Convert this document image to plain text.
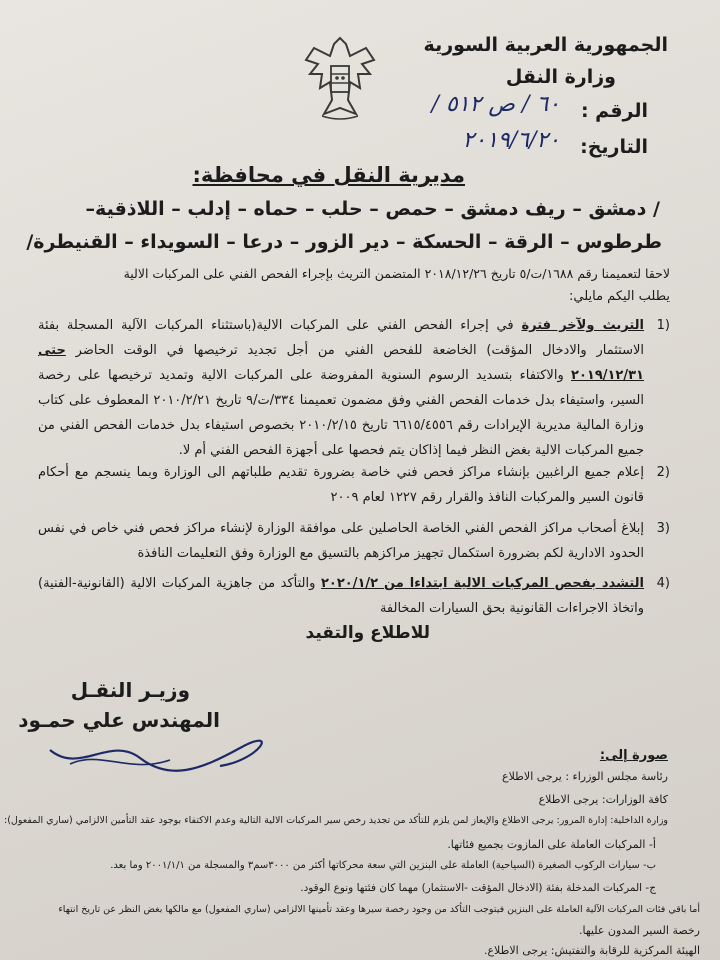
الجمهورية العربية السورية
وزارة النقل
الرقم :
٦٠ / ص ٥١٢ /
التاريخ:
٢٠١٩/٦/٢٠
مديرية النقل في محافظة:
/ دمشق – ريف دمشق – حمص – حلب – حماه – إدلب – اللاذقية–
طرطوس – الرقة – الحسكة – دير الزور – درعا – السويداء – القنيطرة/
لاحقا لتعميمنا رقم ١٦٨٨/ت/٥ تاريخ ٢٠١٨/١٢/٢٦ المتضمن التريث بإجراء الفحص الفني على المركبات الالية
يطلب اليكم مايلي:
(1
التريث ولآخر فترة في إجراء الفحص الفني على المركبات الالية(باستثناء المركبات الآلية المسجلة بفئة الاستثمار والادخال المؤقت) الخاضعة للفحص الفني من أجل تجديد ترخيصها في الوقت الحاضر حتى ٢٠١٩/١٢/٣١ والاكتفاء بتسديد الرسوم السنوية المفروضة على المركبات الالية وتمديد ترخيصها على رخصة السير، واستيفاء بدل خدمات الفحص الفني وفق مضمون تعميمنا ٣٣٤/ت/٩ تاريخ ٢٠١٠/٢/٢١ المعطوف على كتاب وزارة المالية مديرية الإيرادات رقم ٦٦١٥/٤٥٥٦ تاريخ ٢٠١٠/٢/١٥ بخصوص استيفاء بدل خدمات الفحص الفني من جميع المركبات الالية بغض النظر فيما إذاكان يتم فحصها على أجهزة الفحص الفني أم لا.
(2
إعلام جميع الراغبين بإنشاء مراكز فحص فني خاصة بضرورة تقديم طلباتهم الى الوزارة وبما ينسجم مع أحكام قانون السير والمركبات النافذ والقرار رقم ١٢٢٧ لعام ٢٠٠٩
(3
إبلاغ أصحاب مراكز الفحص الفني الخاصة الحاصلين على موافقة الوزارة لإنشاء مراكز فحص فني خاص في نفس الحدود الادارية لكم بضرورة استكمال تجهيز مراكزهم بالتسيق مع الوزارة وفق التعليمات النافذة
(4
التشدد بفحص المركبات الالية ابتداءا من ٢٠٢٠/١/٢ والتأكد من جاهزية المركبات الالية (القانونية-الفنية) واتخاذ الاجراءات القانونية بحق السيارات المخالفة
للاطلاع والتقيد
وزيـر النقـل
المهندس علي حمـود
صورة إلى:
رئاسة مجلس الوزراء : يرجى الاطلاع
كافة الوزارات: يرجى الاطلاع
وزارة الداخلية: إدارة المرور: يرجى الاطلاع والإيعاز لمن يلزم للتأكد من تجديد رخص سير المركبات الالية التالية وعدم الاكتفاء بوجود عقد التأمين الالزامي (ساري المفعول):
أ- المركبات العاملة على المازوت بجميع فئاتها.
ب- سيارات الركوب الصغيرة (السياحية) العاملة على البنزين التي سعة محركاتها أكثر من ٣٠٠٠سم٣ والمسجلة من ٢٠٠١/١/١ وما بعد.
ج- المركبات المدخلة بفئة (الادخال المؤقت -الاستثمار) مهما كان فئتها ونوع الوقود.
أما باقي فئات المركبات الآلية العاملة على البنزين فيتوجب التأكد من وجود رخصة سيرها وعقد تأمينها الالزامي (ساري المفعول) مع مالكها بغض النظر عن تاريخ انتهاء
رخصة السير المدون عليها.
الهيئة المركزية للرقابة والتفتيش: يرجى الاطلاع.
